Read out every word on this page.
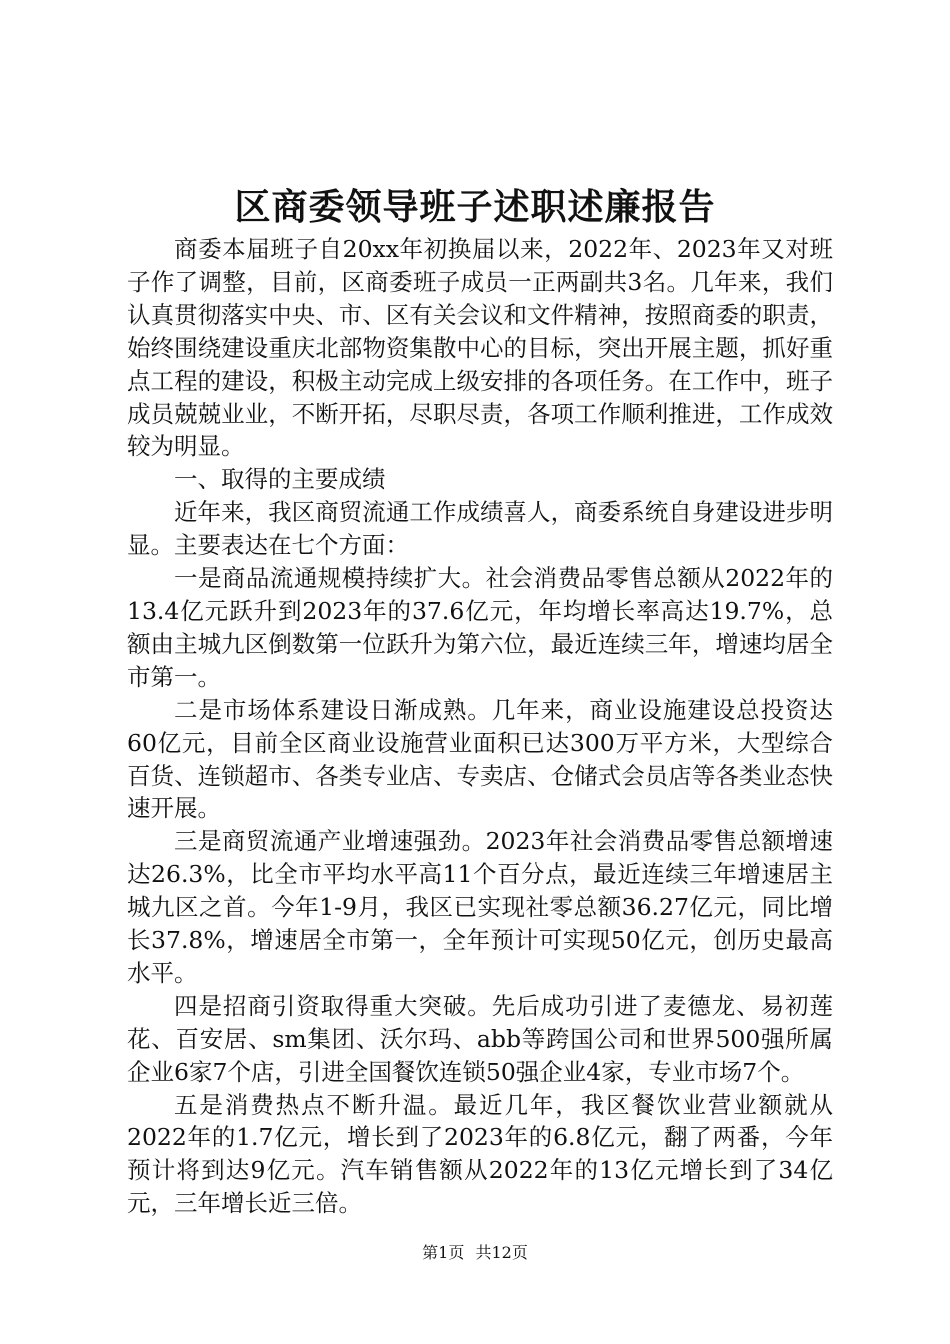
区商委领导班子述职述廉报告

商委本届班子自20xx年初换届以来，2022年、2023年又对班子作了调整，目前，区商委班子成员一正两副共3名。几年来，我们认真贯彻落实中央、市、区有关会议和文件精神，按照商委的职责，始终围绕建设重庆北部物资集散中心的目标，突出开展主题，抓好重点工程的建设，积极主动完成上级安排的各项任务。在工作中，班子成员兢兢业业，不断开拓，尽职尽责，各项工作顺利推进，工作成效较为明显。

一、取得的主要成绩

近年来，我区商贸流通工作成绩喜人，商委系统自身建设进步明显。主要表达在七个方面：

一是商品流通规模持续扩大。社会消费品零售总额从2022年的13.4亿元跃升到2023年的37.6亿元，年均增长率高达19.7%，总额由主城九区倒数第一位跃升为第六位，最近连续三年，增速均居全市第一。

二是市场体系建设日渐成熟。几年来，商业设施建设总投资达60亿元，目前全区商业设施营业面积已达300万平方米，大型综合百货、连锁超市、各类专业店、专卖店、仓储式会员店等各类业态快速开展。

三是商贸流通产业增速强劲。2023年社会消费品零售总额增速达26.3%，比全市平均水平高11个百分点，最近连续三年增速居主城九区之首。今年1-9月，我区已实现社零总额36.27亿元，同比增长37.8%，增速居全市第一，全年预计可实现50亿元，创历史最高水平。

四是招商引资取得重大突破。先后成功引进了麦德龙、易初莲花、百安居、sm集团、沃尔玛、abb等跨国公司和世界500强所属企业6家7个店，引进全国餐饮连锁50强企业4家，专业市场7个。

五是消费热点不断升温。最近几年，我区餐饮业营业额就从2022年的1.7亿元，增长到了2023年的6.8亿元，翻了两番，今年预计将到达9亿元。汽车销售额从2022年的13亿元增长到了34亿元，三年增长近三倍。

第1页 共12页
